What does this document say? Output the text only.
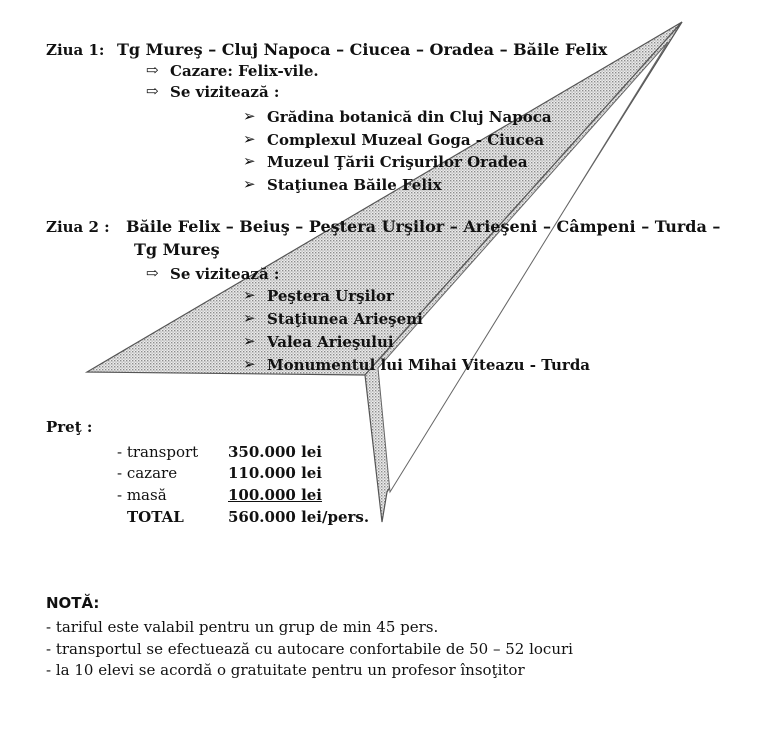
Ziua 1: Tg Mureş – Cluj Napoca – Ciucea – Oradea – Băile Felix
⇨ Cazare: Felix-vile.
⇨ Se vizitează :
➢ Grădina botanică din Cluj Napoca
➢ Complexul Muzeal Goga - Ciucea
➢ Muzeul Ţării Crişurilor Oradea
➢ Staţiunea Băile Felix
Ziua 2 : Băile Felix – Beiuş – Peştera Urşilor – Arieşeni – Câmpeni – Turda –
Tg Mureş
⇨ Se vizitează :
➢ Peştera Urşilor
➢ Staţiunea Arieşeni
➢ Valea Arieşului
➢ Monumentul lui Mihai Viteazu - Turda
Preţ :
- transport 350.000 lei
- cazare	110.000 lei
- masă	100.000 lei
TOTAL	560.000 lei/pers.
NOTĂ:
- tariful este valabil pentru un grup de min 45 pers.
- transportul se efectuează cu autocare confortabile de 50 – 52 locuri
- la 10 elevi se acordă o gratuitate pentru un profesor însoţitor
